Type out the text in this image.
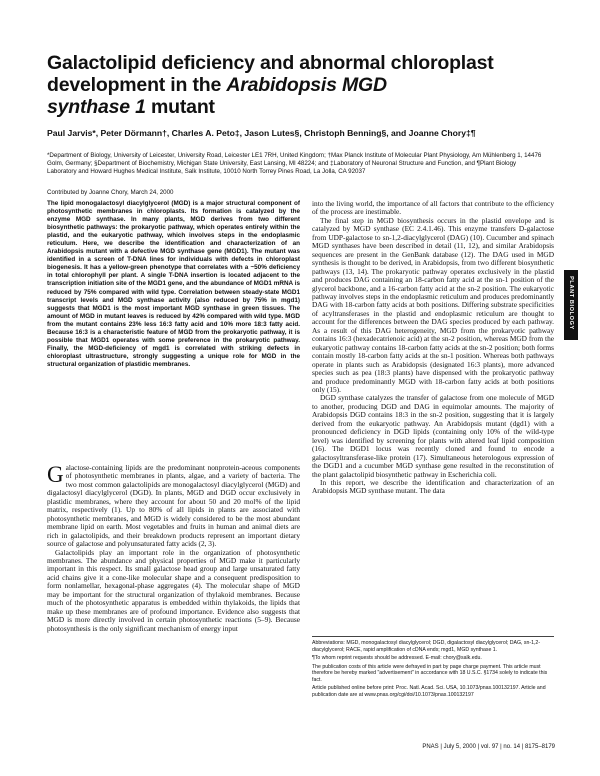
Galactolipid deficiency and abnormal chloroplast
development in the Arabidopsis MGD
synthase 1 mutant
Paul Jarvis*, Peter Dörmann†, Charles A. Peto‡, Jason Lutes§, Christoph Benning§, and Joanne Chory‡¶
*Department of Biology, University of Leicester, University Road, Leicester LE1 7RH, United Kingdom; †Max Planck Institute of Molecular Plant Physiology, Am Mühlenberg 1, 14476 Golm, Germany; §Department of Biochemistry, Michigan State University, East Lansing, MI 48224; and ‡Laboratory of Neuronal Structure and Function, and ¶Plant Biology Laboratory and Howard Hughes Medical Institute, Salk Institute, 10010 North Torrey Pines Road, La Jolla, CA 92037
Contributed by Joanne Chory, March 24, 2000
The lipid monogalactosyl diacylglycerol (MGD) is a major structural component of photosynthetic membranes in chloroplasts. Its formation is catalyzed by the enzyme MGD synthase. In many plants, MGD derives from two different biosynthetic pathways: the prokaryotic pathway, which operates entirely within the plastid, and the eukaryotic pathway, which involves steps in the endoplasmic reticulum. Here, we describe the identification and characterization of an Arabidopsis mutant with a defective MGD synthase gene (MGD1). The mutant was identified in a screen of T-DNA lines for individuals with defects in chloroplast biogenesis. It has a yellow-green phenotype that correlates with a ~50% deficiency in total chlorophyll per plant. A single T-DNA insertion is located adjacent to the transcription initiation site of the MGD1 gene, and the abundance of MGD1 mRNA is reduced by 75% compared with wild type. Correlation between steady-state MGD1 transcript levels and MGD synthase activity (also reduced by 75% in mgd1) suggests that MGD1 is the most important MGD synthase in green tissues. The amount of MGD in mutant leaves is reduced by 42% compared with wild type. MGD from the mutant contains 23% less 16:3 fatty acid and 10% more 18:3 fatty acid. Because 16:3 is a characteristic feature of MGD from the prokaryotic pathway, it is possible that MGD1 operates with some preference in the prokaryotic pathway. Finally, the MGD-deficiency of mgd1 is correlated with striking defects in chloroplast ultrastructure, strongly suggesting a unique role for MGD in the structural organization of plastidic membranes.

Galactose-containing lipids are the predominant nonprotein-aceous components of photosynthetic membranes in plants, algae, and a variety of bacteria. The two most common galactolipids are monogalactosyl diacylglycerol (MGD) and digalactosyl diacylglycerol (DGD). In plants, MGD and DGD occur exclusively in plastidic membranes, where they account for about 50 and 20 mol% of the lipid matrix, respectively (1). Up to 80% of all lipids in plants are associated with photosynthetic membranes, and MGD is widely considered to be the most abundant membrane lipid on earth. Most vegetables and fruits in human and animal diets are rich in galactolipids, and their breakdown products represent an important dietary source of galactose and polyunsaturated fatty acids (2, 3).

Galactolipids play an important role in the organization of photosynthetic membranes. The abundance and physical properties of MGD make it particularly important in this respect. Its small galactose head group and large unsaturated fatty acid chains give it a cone-like molecular shape and a consequent predisposition to form nonlamellar, hexagonal-phase aggregates (4). The molecular shape of MGD may be important for the structural organization of thylakoid membranes. Because much of the photosynthetic apparatus is embedded within thylakoids, the lipids that make up these membranes are of profound importance. Evidence also suggests that MGD is more directly involved in certain photosynthetic reactions (5–9). Because photosynthesis is the only significant mechanism of energy input

into the living world, the importance of all factors that contribute to the efficiency of the process are inestimable.

The final step in MGD biosynthesis occurs in the plastid envelope and is catalyzed by MGD synthase (EC 2.4.1.46). This enzyme transfers D-galactose from UDP-galactose to sn-1,2-diacylglycerol (DAG) (10). Cucumber and spinach MGD synthases have been described in detail (11, 12), and similar Arabidopsis sequences are present in the GenBank database (12). The DAG used in MGD synthesis is thought to be derived, in Arabidopsis, from two different biosynthetic pathways (13, 14). The prokaryotic pathway operates exclusively in the plastid and produces DAG containing an 18-carbon fatty acid at the sn-1 position of the glycerol backbone, and a 16-carbon fatty acid at the sn-2 position. The eukaryotic pathway involves steps in the endoplasmic reticulum and produces predominantly DAG with 18-carbon fatty acids at both positions. Differing substrate specificities of acyltransferases in the plastid and endoplasmic reticulum are thought to account for the differences between the DAG species produced by each pathway. As a result of this DAG heterogeneity, MGD from the prokaryotic pathway contains 16:3 (hexadecatrienoic acid) at the sn-2 position, whereas MGD from the eukaryotic pathway contains 18-carbon fatty acids at the sn-2 position; both forms contain mostly 18-carbon fatty acids at the sn-1 position. Whereas both pathways operate in plants such as Arabidopsis (designated 16:3 plants), more advanced species such as pea (18:3 plants) have dispensed with the prokaryotic pathway and produce predominantly MGD with 18-carbon fatty acids at both positions only (15).

DGD synthase catalyzes the transfer of galactose from one molecule of MGD to another, producing DGD and DAG in equimolar amounts. The majority of Arabidopsis DGD contains 18:3 in the sn-2 position, suggesting that it is largely derived from the eukaryotic pathway. An Arabidopsis mutant (dgd1) with a pronounced deficiency in DGD lipids (containing only 10% of the wild-type level) was identified by screening for plants with altered leaf lipid composition (16). The DGD1 locus was recently cloned and found to encode a galactosyltransferase-like protein (17). Simultaneous heterologous expression of the DGD1 and a cucumber MGD synthase gene resulted in the reconstitution of the plant galactolipid biosynthetic pathway in Escherichia coli.

In this report, we describe the identification and characterization of an Arabidopsis MGD synthase mutant. The data

Abbreviations: MGD, monogalactosyl diacylglycerol; DGD, digalactosyl diacylglycerol; DAG, sn-1,2-diacylglycerol; RACE, rapid amplification of cDNA ends; mgd1, MGD synthase 1.

¶To whom reprint requests should be addressed. E-mail: chory@salk.edu.

The publication costs of this article were defrayed in part by page charge payment. This article must therefore be hereby marked "advertisement" in accordance with 18 U.S.C. §1734 solely to indicate this fact.

Article published online before print: Proc. Natl. Acad. Sci. USA, 10.1073/pnas.100132197. Article and publication date are at www.pnas.org/cgi/doi/10.1073/pnas.100132197

PLANT BIOLOGY
PNAS | July 5, 2000 | vol. 97 | no. 14 | 8175–8179
